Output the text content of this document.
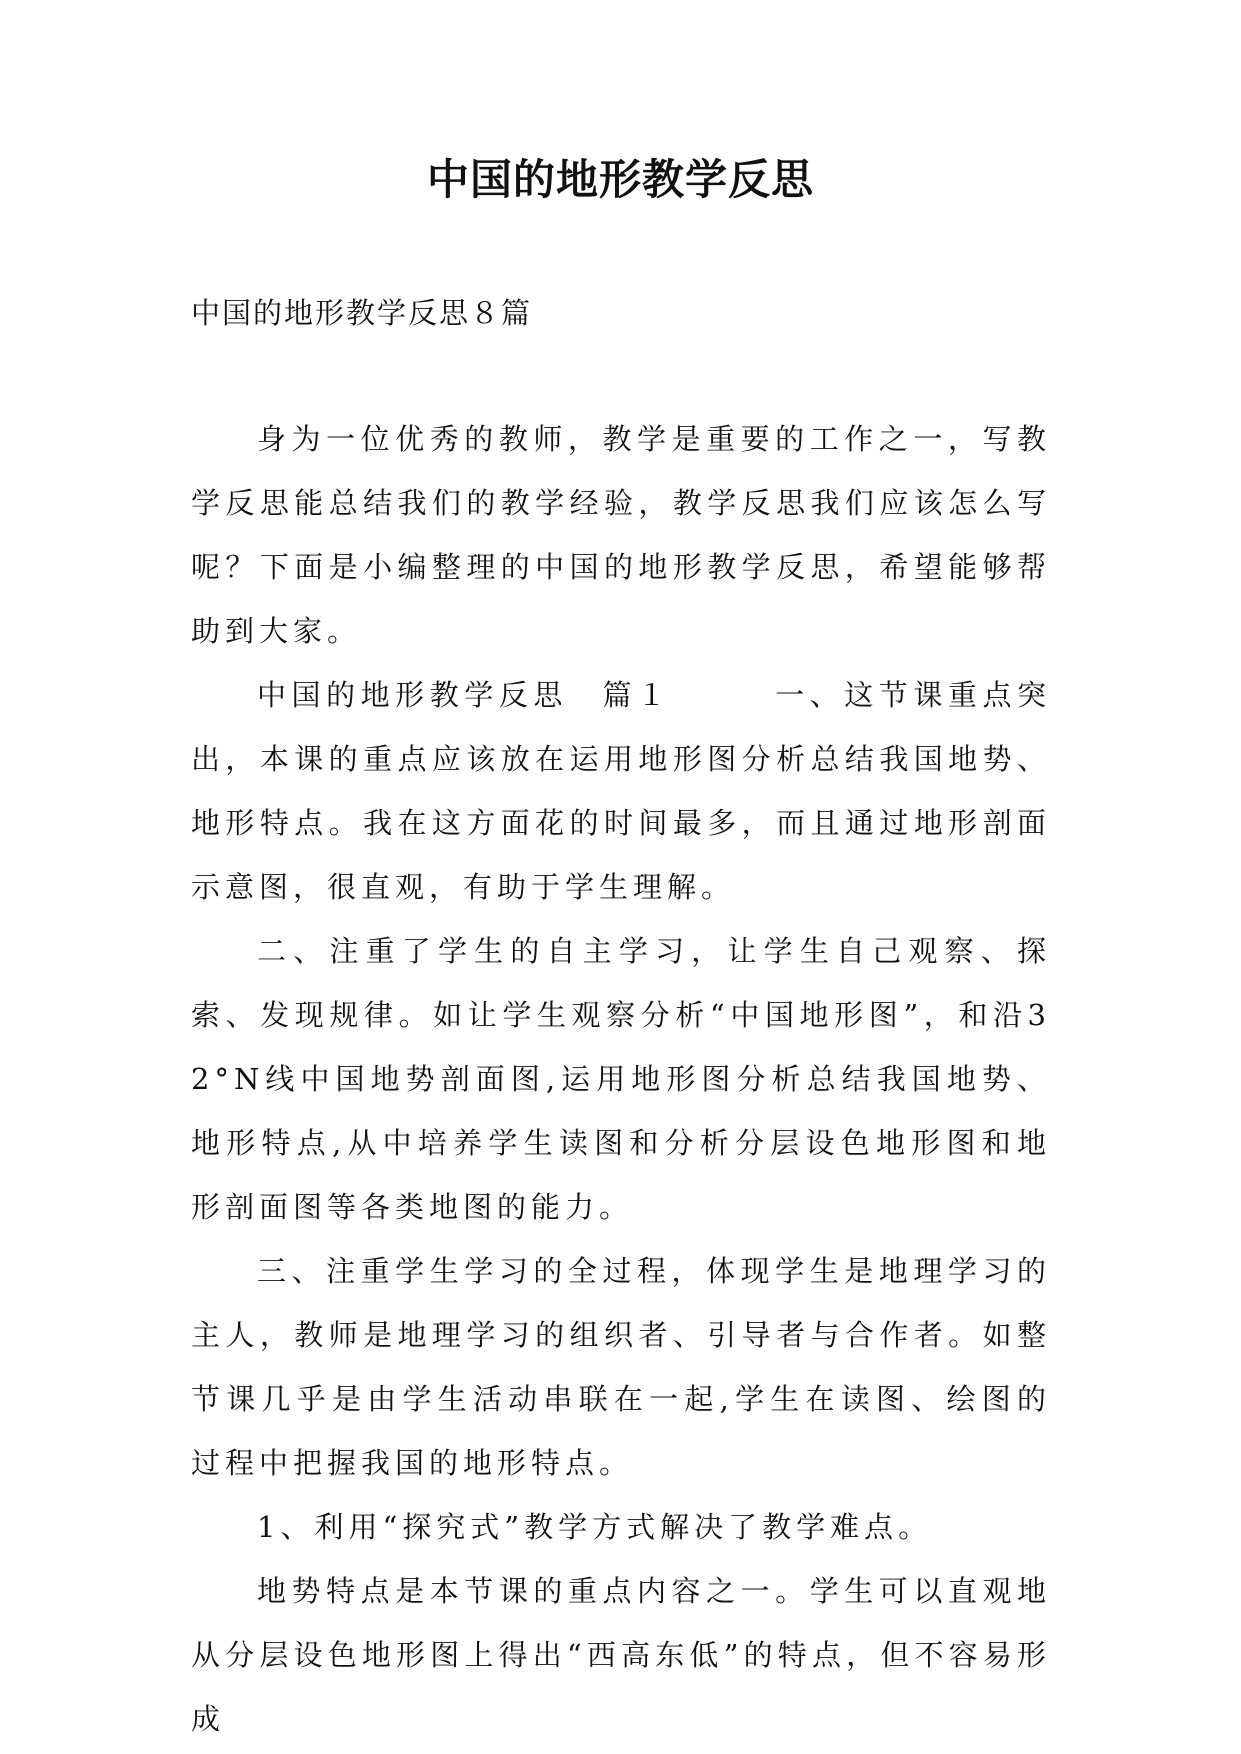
中国的地形教学反思
中国的地形教学反思８篇

身为一位优秀的教师，教学是重要的工作之一，写教学反思能总结我们的教学经验，教学反思我们应该怎么写呢？下面是小编整理的中国的地形教学反思，希望能够帮助到大家。

中国的地形教学反思　篇１　　　一、这节课重点突出，本课的重点应该放在运用地形图分析总结我国地势、地形特点。我在这方面花的时间最多，而且通过地形剖面示意图，很直观，有助于学生理解。

二、注重了学生的自主学习，让学生自己观察、探索、发现规律。如让学生观察分析“中国地形图”，和沿32°N线中国地势剖面图,运用地形图分析总结我国地势、地形特点,从中培养学生读图和分析分层设色地形图和地形剖面图等各类地图的能力。

三、注重学生学习的全过程，体现学生是地理学习的主人，教师是地理学习的组织者、引导者与合作者。如整节课几乎是由学生活动串联在一起,学生在读图、绘图的过程中把握我国的地形特点。

1、利用“探究式”教学方式解决了教学难点。

地势特点是本节课的重点内容之一。学生可以直观地从分层设色地形图上得出“西高东低”的特点，但不容易形成
